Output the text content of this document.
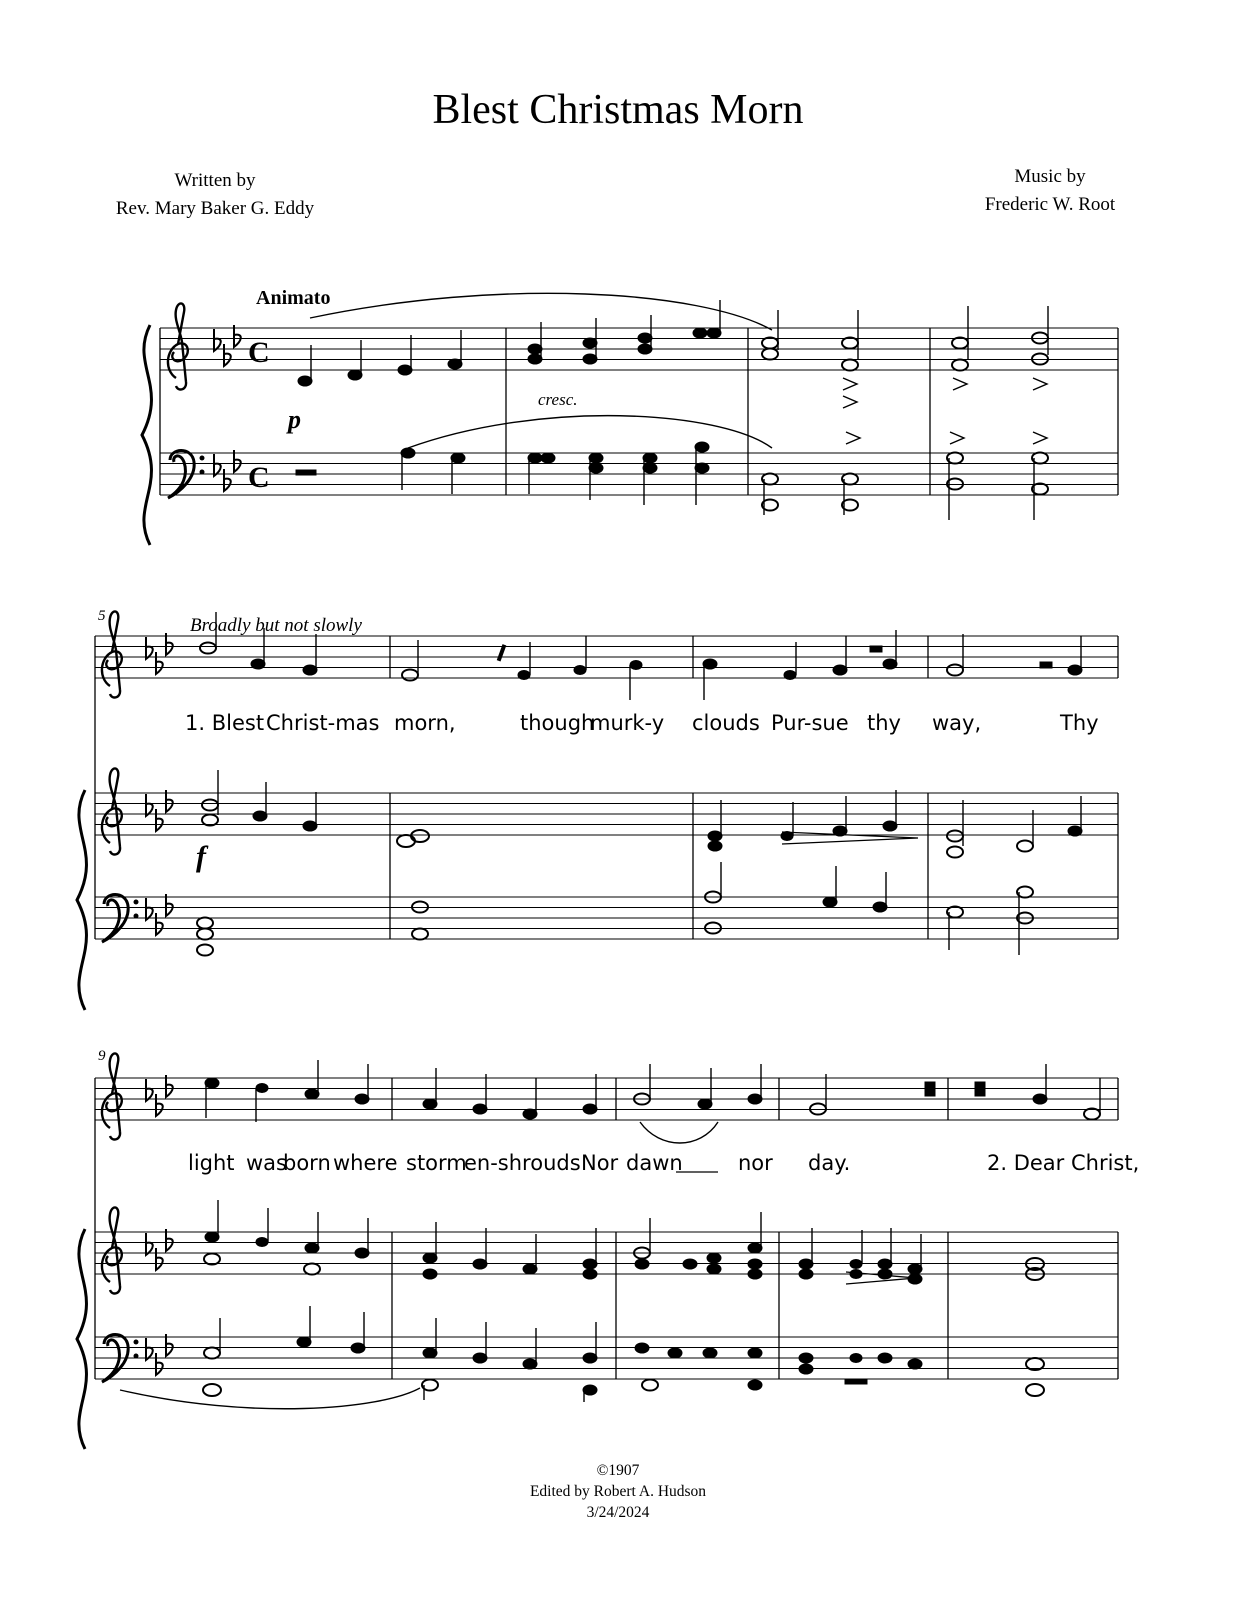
Blest Christmas Morn
Written by
Rev. Mary Baker G. Eddy
Music by
Frederic W. Root
C
C
Animato
p
cresc.
5	Broadly but not slowly
f
1. Blest Christ-mas morn,	though
murk-y clouds Pur-sue thy way,	Thy
9
light was
born where storm
en-shrouds Nor dawn	nor day.	2. Dear Christ,
©1907
Edited by Robert A. Hudson
3/24/2024
